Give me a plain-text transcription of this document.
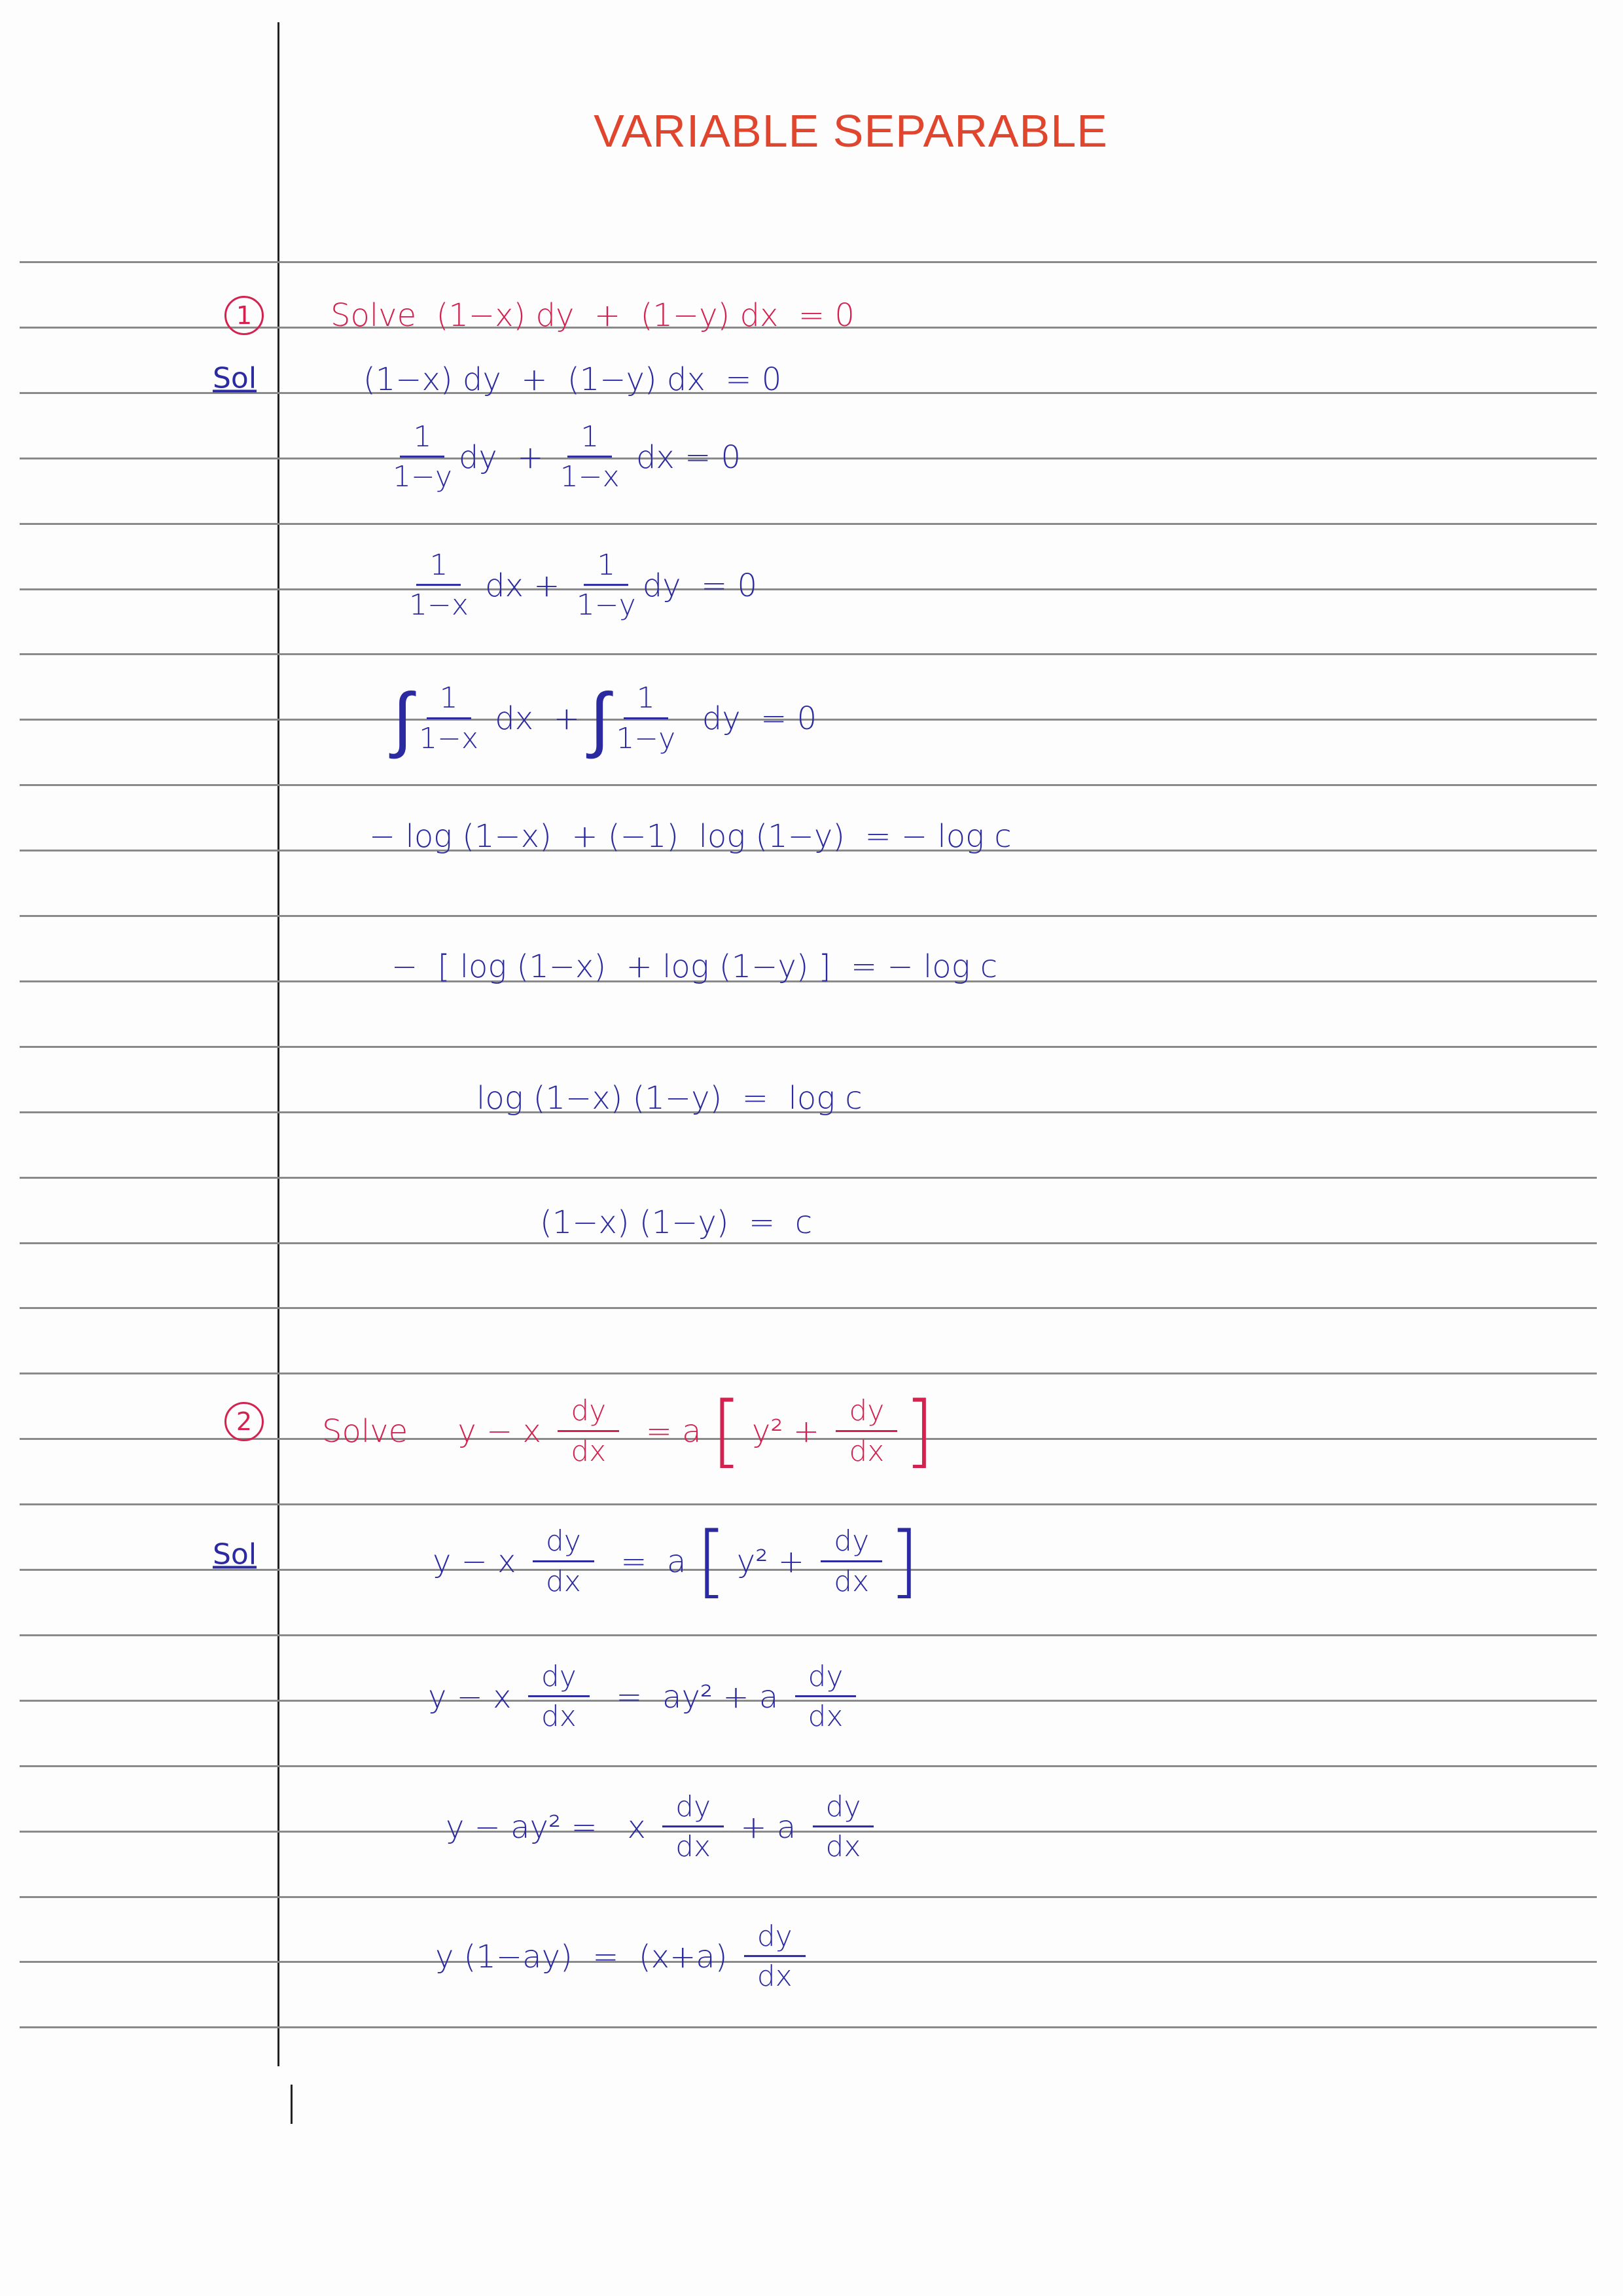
VARIABLE SEPARABLE
1	Solve  (1−x) dy  +  (1−y) dx  = 0
Sol	(1−x) dy  +  (1−y) dx  = 0
$\frac{1}{1-y}$ dy  + $\frac{1}{1-x}$ dx = 0
$\frac{1}{1-x}$ dx + $\frac{1}{1-y}$ dy  = 0
∫ $\frac{1}{1-x}$ dx  + ∫ $\frac{1}{1-y}$ dy  = 0
− log (1−x)  + (−1)  log (1−y)  = − log c
−  [ log (1−x)  + log (1−y) ]  = − log c
log (1−x) (1−y)  =  log c
(1−x) (1−y)  =  c
2	Solve     y − x $\frac{dy}{dx} = a$ [ $y^2 + \frac{dy}{dx}$ ]
Sol	y − x $\frac{dy}{dx} = a$ [ $y^2 + \frac{dy}{dx}$ ]
y − x $\frac{dy}{dx} = ay^2 + a \frac{dy}{dx}$
y − ay² =   x $\frac{dy}{dx} + a \frac{dy}{dx}$
y $(1-ay) = (x+a) \frac{dy}{dx}$
